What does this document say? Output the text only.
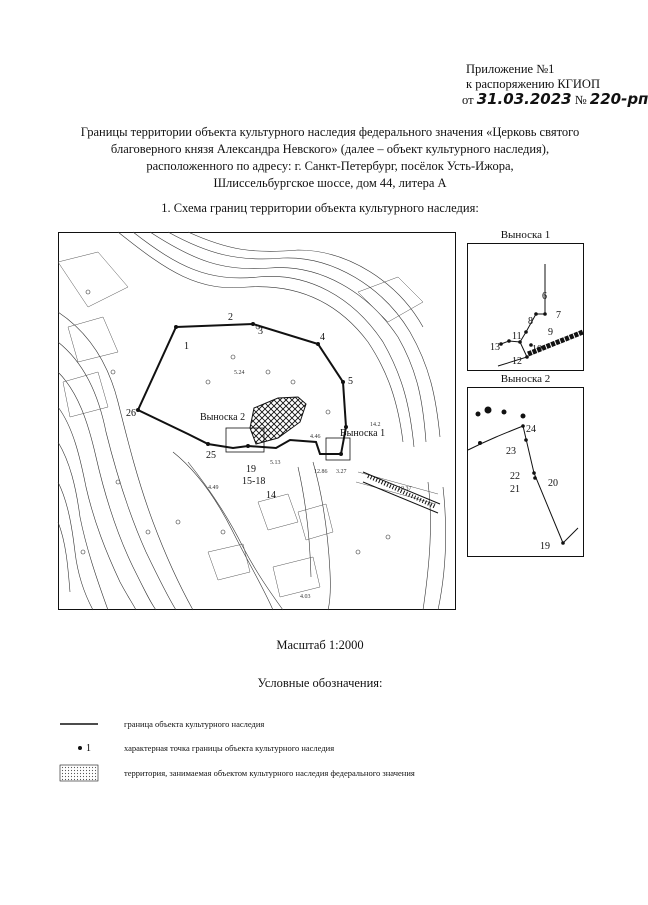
Приложение №1
к распоряжению КГИОП
от 31.03.2023 № 220-рп
Границы территории объекта культурного наследия федерального значения «Церковь святого
благоверного князя Александра Невского» (далее – объект культурного наследия),
расположенного по адресу: г. Санкт-Петербург, посёлок Усть-Ижора,
Шлиссельбургское шоссе, дом 44, литера А
1. Схема границ территории объекта культурного наследия:
Выноска 2
Выноска 1
1
2
3
4
5
14
15-18
19
25
26
5.24
4.46
5.13
3.27
12.86
4.49
4.03
10.37
14.2
Выноска 1
6
7
8
9
10
11
12
13
Выноска 2
24
23
22
21
20
19
Масштаб 1:2000
Условные обозначения:
граница объекта культурного наследия
1	характерная точка границы объекта культурного наследия
территория, занимаемая объектом культурного наследия федерального значения
